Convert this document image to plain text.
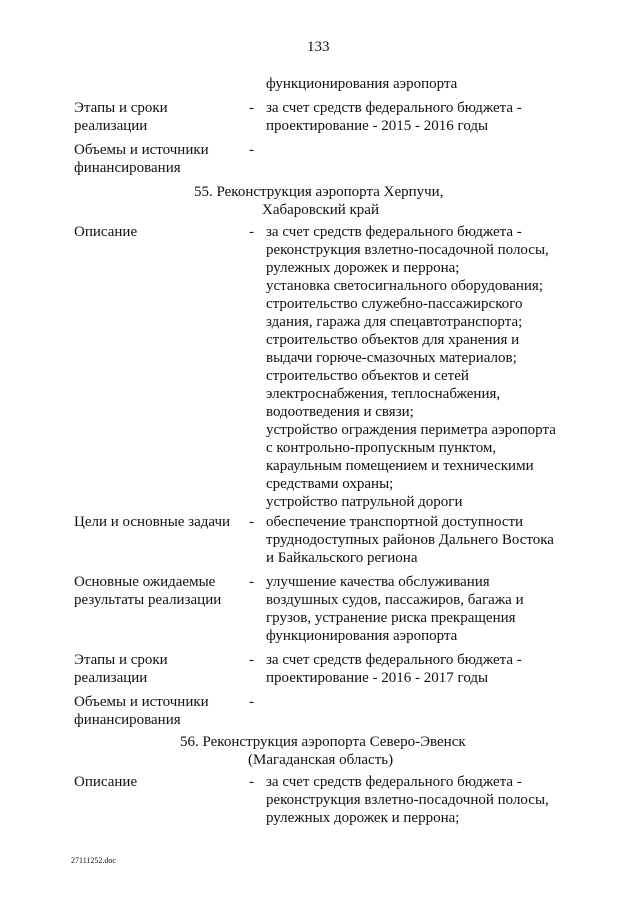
133
функционирования аэропорта
Этапы и сроки
реализации
- за счет средств федерального бюджета -
проектирование - 2015 - 2016 годы
Объемы и источники
финансирования
-
55. Реконструкция аэропорта Херпучи,
Хабаровский край
Описание	- за счет средств федерального бюджета -
реконструкция взлетно-посадочной полосы,
рулежных дорожек и перрона;
установка светосигнального оборудования;
строительство служебно-пассажирского
здания, гаража для спецавтотранспорта;
строительство объектов для хранения и
выдачи горюче-смазочных материалов;
строительство объектов и сетей
электроснабжения, теплоснабжения,
водоотведения и связи;
устройство ограждения периметра аэропорта
с контрольно-пропускным пунктом,
караульным помещением и техническими
средствами охраны;
устройство патрульной дороги
Цели и основные задачи - обеспечение транспортной доступности
труднодоступных районов Дальнего Востока
и Байкальского региона
Основные ожидаемые
результаты реализации
- улучшение качества обслуживания
воздушных судов, пассажиров, багажа и
грузов, устранение риска прекращения
функционирования аэропорта
Этапы и сроки
реализации
- за счет средств федерального бюджета -
проектирование - 2016 - 2017 годы
Объемы и источники
финансирования
-
56. Реконструкция аэропорта Северо-Эвенск
(Магаданская область)
Описание	- за счет средств федерального бюджета -
реконструкция взлетно-посадочной полосы,
рулежных дорожек и перрона;
27111252.doc
